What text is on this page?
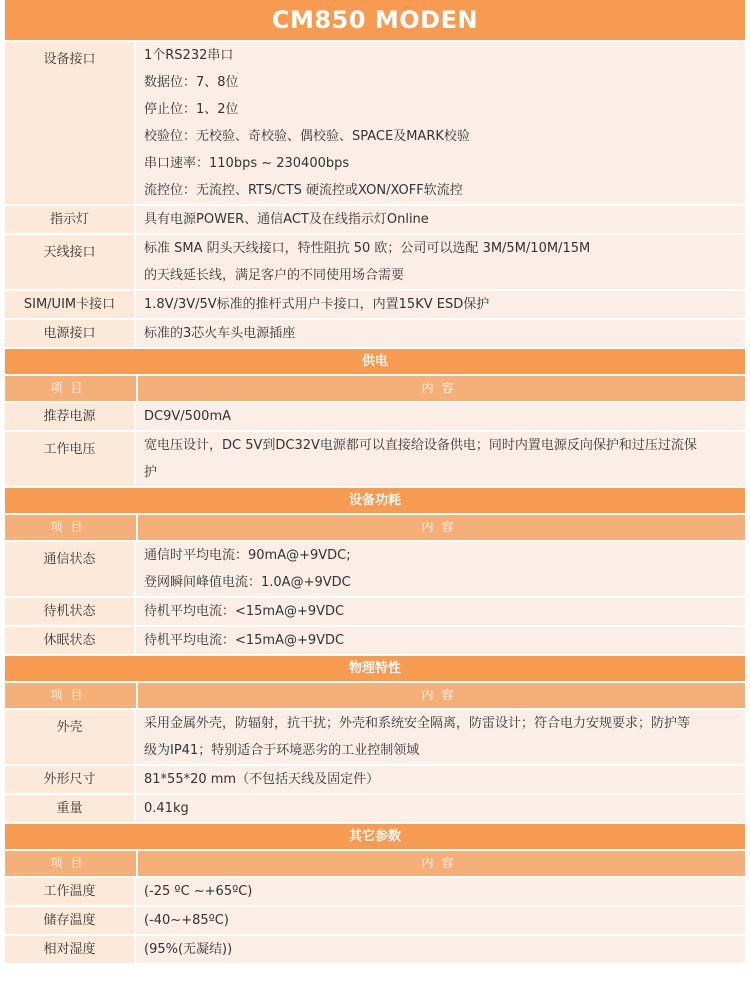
CM850 MODEN
设备接口	1个RS232串口
数据位：7、8位
停止位：1、2位
校验位：无校验、奇校验、偶校验、SPACE及MARK校验
串口速率：110bps ~ 230400bps
流控位：无流控、RTS/CTS 硬流控或XON/XOFF软流控
指示灯	具有电源POWER、通信ACT及在线指示灯Online
天线接口	标准 SMA 阴头天线接口，特性阻抗 50 欧；公司可以选配 3M/5M/10M/15M
的天线延长线，满足客户的不同使用场合需要
SIM/UIM卡接口	1.8V/3V/5V标准的推杆式用户卡接口，内置15KV ESD保护
电源接口	标准的3芯火车头电源插座
供电
项目	内容
推荐电源	DC9V/500mA
工作电压	宽电压设计，DC 5V到DC32V电源都可以直接给设备供电；同时内置电源反向保护和过压过流保
护
设备功耗
项目	内容
通信状态	通信时平均电流：90mA@+9VDC;
登网瞬间峰值电流：1.0A@+9VDC
待机状态	待机平均电流：<15mA@+9VDC
休眠状态	待机平均电流：<15mA@+9VDC
物理特性
项目	内容
外壳	采用金属外壳，防辐射，抗干扰；外壳和系统安全隔离，防雷设计；符合电力安规要求；防护等
级为IP41；特别适合于环境恶劣的工业控制领域
外形尺寸	81*55*20 mm（不包括天线及固定件）
重量	0.41kg
其它参数
项目	内容
工作温度	(-25 ºC ~+65ºC)
储存温度	(-40~+85ºC)
相对湿度	(95%(无凝结))
